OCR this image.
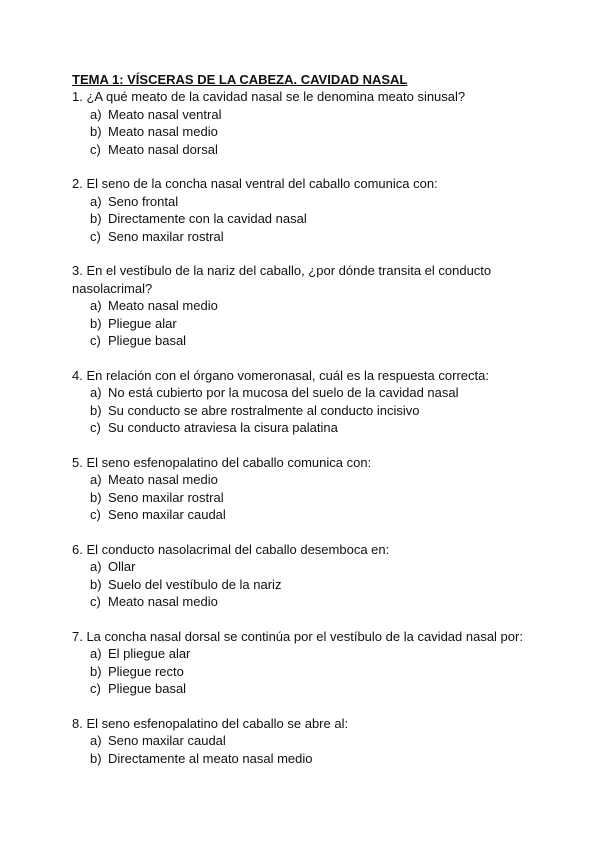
TEMA 1: VÍSCERAS DE LA CABEZA. CAVIDAD NASAL

1. ¿A qué meato de la cavidad nasal se le denomina meato sinusal?

a) Meato nasal ventral
b) Meato nasal medio
c) Meato nasal dorsal

2. El seno de la concha nasal ventral del caballo comunica con:

a) Seno frontal
b) Directamente con la cavidad nasal
c) Seno maxilar rostral

3. En el vestíbulo de la nariz del caballo, ¿por dónde transita el conducto nasolacrimal?

a) Meato nasal medio
b) Pliegue alar
c) Pliegue basal

4. En relación con el órgano vomeronasal, cuál es la respuesta correcta:

a) No está cubierto por la mucosa del suelo de la cavidad nasal
b) Su conducto se abre rostralmente al conducto incisivo
c) Su conducto atraviesa la cisura palatina

5. El seno esfenopalatino del caballo comunica con:

a) Meato nasal medio
b) Seno maxilar rostral
c) Seno maxilar caudal

6. El conducto nasolacrimal del caballo desemboca en:

a) Ollar
b) Suelo del vestíbulo de la nariz
c) Meato nasal medio

7. La concha nasal dorsal se continúa por el vestíbulo de la cavidad nasal por:

a) El pliegue alar
b) Pliegue recto
c) Pliegue basal

8. El seno esfenopalatino del caballo se abre al:

a) Seno maxilar caudal
b) Directamente al meato nasal medio
